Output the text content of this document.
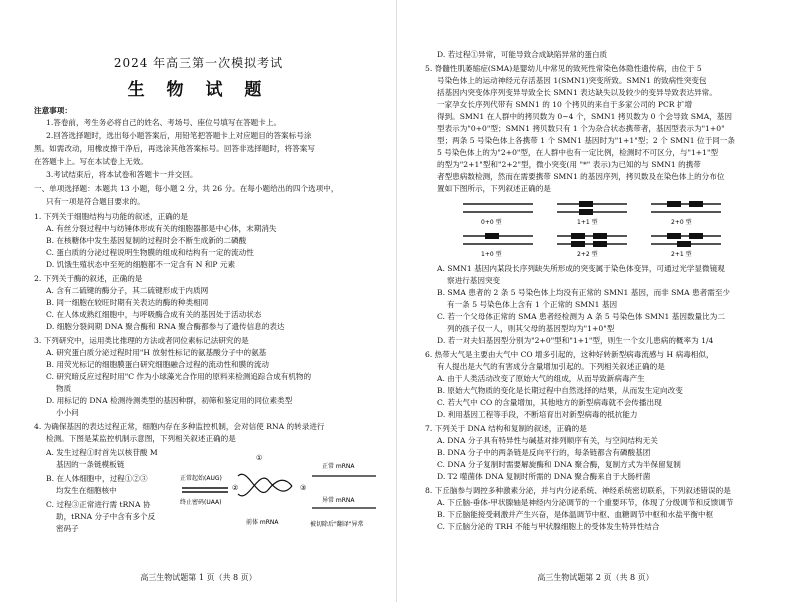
2024 年高三第一次模拟考试
生 物 试 题
注意事项：
1.答卷前，考生务必将自己的姓名、考场号、座位号填写在答题卡上。
2.回答选择题时，选出每小题答案后，用铅笔把答题卡上对应题目的答案标号涂
黑。如需改动，用橡皮擦干净后，再选涂其他答案标号。回答非选择题时，将答案写
在答题卡上。写在本试卷上无效。
3.考试结束后，将本试卷和答题卡一并交回。
一、单项选择题：本题共 13 小题，每小题 2 分，共 26 分。在每小题给出的四个选项中，
只有一项是符合题目要求的。
1. 下列关于细胞结构与功能的叙述，正确的是
A. 有丝分裂过程中与纺锤体形成有关的细胞器都是中心体，末期消失
B. 在核糖体中发生基因复制的过程时会不断生成新的二磷酸
C. 蛋白质的分泌过程说明生物膜的组成和结构有一定的流动性
D. 饥饿生殖状态中至死的细胞都不一定含有 N 和P 元素
2. 下列关于酶的叙述，正确的是
A. 含有二硫键的酶分子，其二硫键形成于内质网
B. 同一细胞在较旺时期有关表达的酶的种类相同
C. 在人体成熟红细胞中，与呼吸酶合成有关的基因处于活动状态
D. 细胞分裂间期 DNA 聚合酶和 RNA 聚合酶都参与了遗传信息的表达
3. 下列研究中，运用类比推理的方法或者同位素标记法研究的是
A. 研究蛋白质分泌过程时用"H 放射性标记的氨基酸分子中的氨基
B. 用荧光标记的细胞膜蛋白研究细胞融合过程的流动性和膜的流动
C. 研究暗反应过程时用"C 作为小球藻光合作用的原料来检测追踪合成有机物的
物质
D. 用标记的 DNA 检测待测类型的基因种群，初筛和鉴定用的同位素类型
小小问
4. 为确保基因的表达过程正常，细胞内存在多种监控机制，会对信使 RNA 的转录进行
检测。下图是某监控机制示意图，下列相关叙述正确的是
A. 发生过程①时首先以核苷酸 M
基因的一条链模板链
B. 在人体细胞中，过程①②③
均发生在细胞核中
C. 过程③正常进行需 tRNA 协
助，tRNA 分子中含有多个反
密码子
正常起始(AUG)
终止密码(UAA)
①
②	③
前体 mRNA
正常 mRNA
异常 mRNA
被切除后"翻译"异常
高三生物试题第 1 页（共 8 页）
D. 若过程①异常，可能导致合成缺陷异常的蛋白质
5. 脊髓性肌萎缩症(SMA)是婴幼儿中常见的致死性常染色体隐性遗传病，由位于 5
号染色体上的运动神经元存活基因 1(SMN1)突变所致。SMN1 的致病性突变包
括基因内突变体序列变异导致全长 SMN1 表达缺失以及较少的变异导致表达异常。
一家孕女长序列代带有 SMN1 的 10 个拷贝的来自于多家公司的 PCR 扩增
得到。SMN1 在人群中的拷贝数为 0~4 个，SMN1 拷贝数为 0 个会导致 SMA，基因
型表示为"0+0"型；SMN1 拷贝数只有 1 个为杂合状态携带者，基因型表示为"1+0"
型；两条 5 号染色体上各携带 1 个 SMN1 基因时为"1+1"型；2 个 SMN1 位于同一条
5 号染色体上的为"2+0"型，在人群中也有一定比例，检测时不可区分，与"1+1"型
的型为"2+1"型和"2+2"型，微小突变(用 "*" 表示)为已知的与 SMN1 的携带
者型患病数检测，然而在需要携带 SMN1 的基因序列，拷贝数及在染色体上的分布位
置如下图所示，下列叙述正确的是
0+0 型	1+1 型	2+0 型
1+0 型	2+2 型	2+1 型
A. SMN1 基因内某段长序列缺失所形成的突变属于染色体变异，可通过光学显微镜观
察进行基因突变
B. SMA 患者的 2 条 5 号染色体上均没有正常的 SMN1 基因，而非 SMA 患者需至少
有一条 5 号染色体上含有 1 个正常的 SMN1 基因
C. 若一个父母体正常的 SMA 患者经检测为 A 条 5 号染色体 SMN1 基因数量比为二
列的孩子仅一人，则其父母的基因型均为"1+0"型
D. 若一对夫妇基因型分别为"2+0"型和"1+1"型，则生一个女儿患病的概率为 1/4
6. 热带大气是主要由大气中 CO 增多引起的，这种好转新型病毒流感与 H 病毒相似，
有人提出是大气的有害成分含量增加引起的。下列相关叙述正确的是
A. 由于人类活动改变了原始大气的组成，从而导致新病毒产生
B. 原始大气物质的变化是长期过程中自然选择的结果，从而发生定向改变
C. 若大气中 CO 的含量增加，其他地方的新型病毒就不会传播出现
D. 利用基因工程等手段，不断培育出对新型病毒的抵抗能力
7. 下列关于 DNA 结构和复制的叙述，正确的是
A. DNA 分子具有特异性与碱基对排列顺序有关，与空间结构无关
B. DNA 分子中的两条链是反向平行的，每条链都含有磷酸基团
C. DNA 分子复制时需要解旋酶和 DNA 聚合酶，复制方式为半保留复制
D. T2 噬菌体 DNA 复制时所需的 DNA 聚合酶来自于大肠杆菌
8. 下丘脑参与调控多种激素分泌，并与内分泌系统、神经系统密切联系，下列叙述错误的是
A. 下丘脑-垂体-甲状腺轴是神经内分泌调节的一个重要环节，体现了分级调节和反馈调节
B. 下丘脑能接受刺激并产生兴奋，是体温调节中枢、血糖调节中枢和水盐平衡中枢
C. 下丘脑分泌的 TRH 不能与甲状腺细胞上的受体发生特异性结合
高三生物试题第 2 页（共 8 页）
